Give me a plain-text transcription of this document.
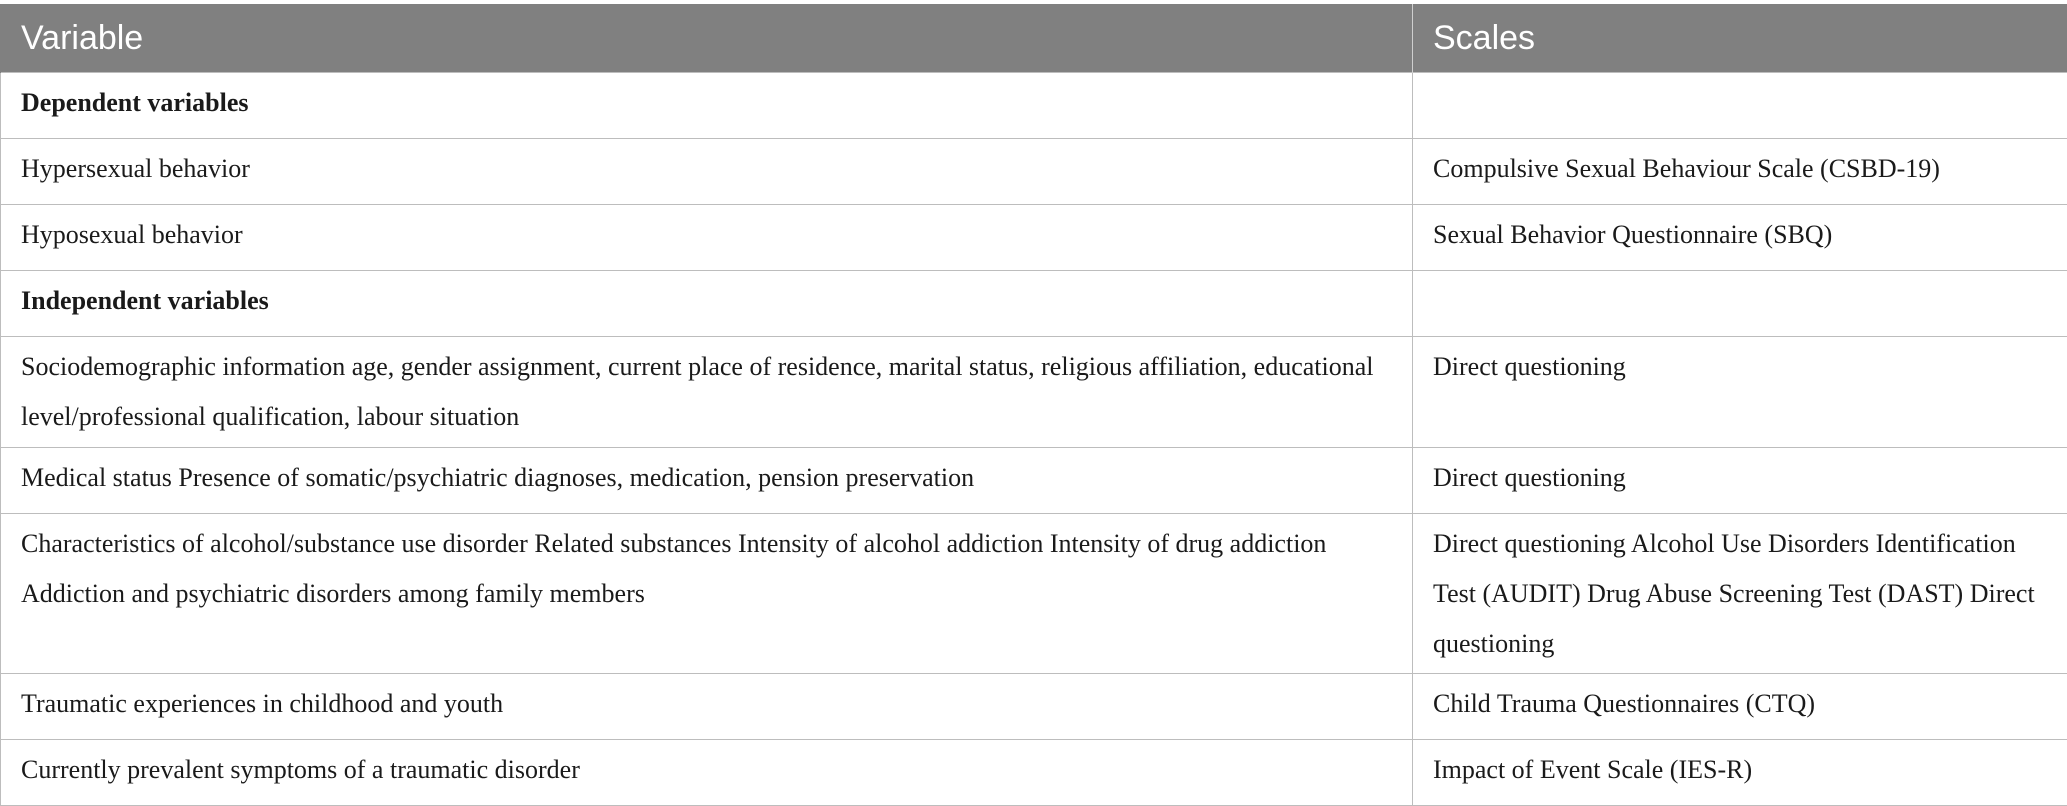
Variable	Scales
Dependent variables	
Hypersexual behavior	Compulsive Sexual Behaviour Scale (CSBD-19)
Hyposexual behavior	Sexual Behavior Questionnaire (SBQ)
Independent variables	
Sociodemographic information age, gender assignment, current place of residence, marital status, religious affiliation, educational level/professional qualification, labour situation	Direct questioning
Medical status Presence of somatic/psychiatric diagnoses, medication, pension preservation	Direct questioning
Characteristics of alcohol/substance use disorder Related substances Intensity of alcohol addiction Intensity of drug addiction Addiction and psychiatric disorders among family members	Direct questioning Alcohol Use Disorders Identification Test (AUDIT) Drug Abuse Screening Test (DAST) Direct questioning
Traumatic experiences in childhood and youth	Child Trauma Questionnaires (CTQ)
Currently prevalent symptoms of a traumatic disorder	Impact of Event Scale (IES-R)
